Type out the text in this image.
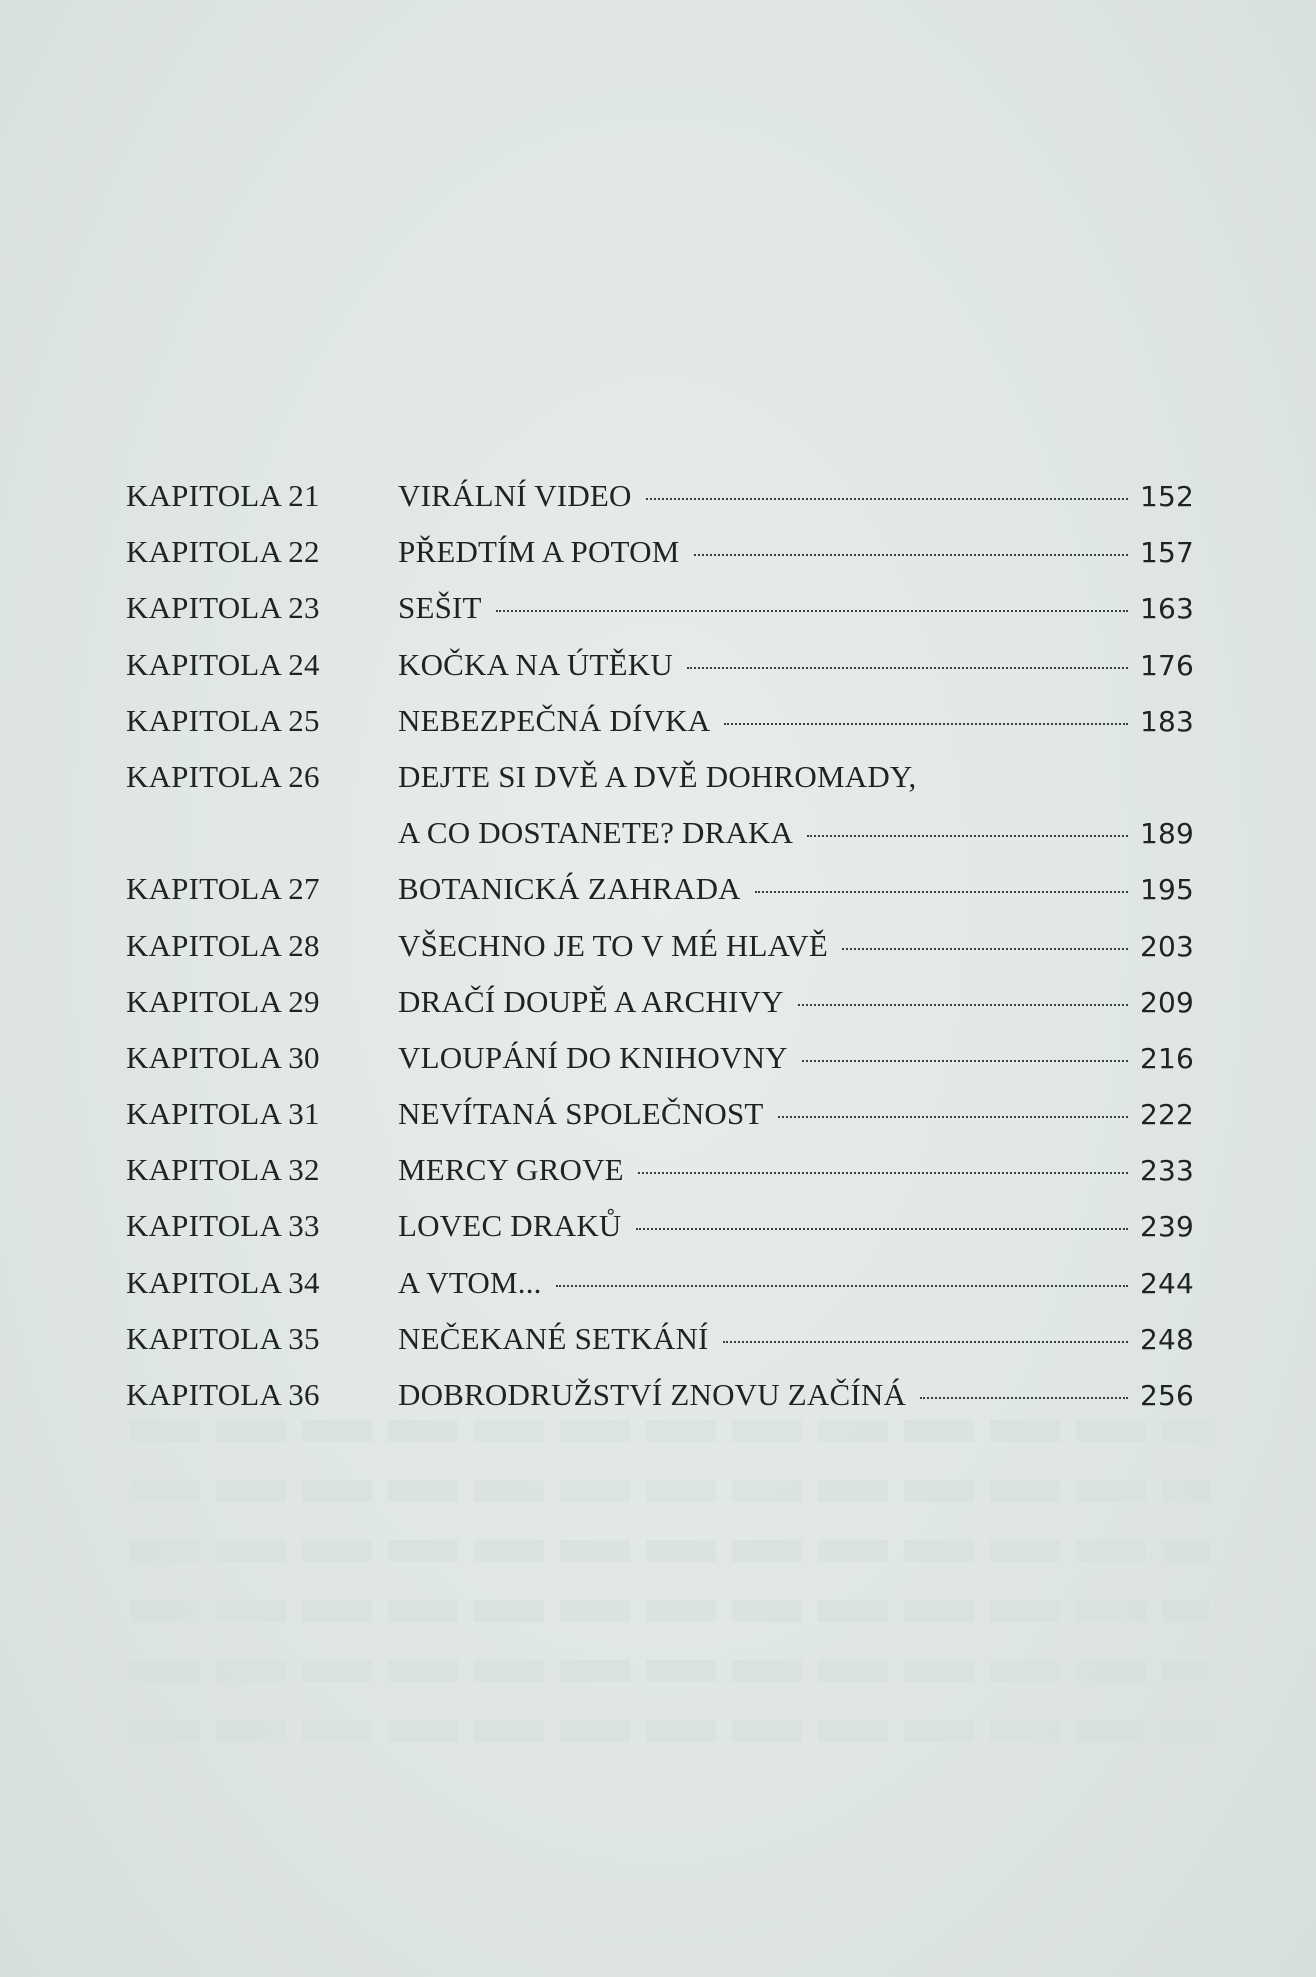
KAPITOLA 21	VIRÁLNÍ VIDEO	152
KAPITOLA 22	PŘEDTÍM A POTOM	157
KAPITOLA 23	SEŠIT	163
KAPITOLA 24	KOČKA NA ÚTĚKU	176
KAPITOLA 25	NEBEZPEČNÁ DÍVKA	183
KAPITOLA 26	DEJTE SI DVĚ A DVĚ DOHROMADY,
A CO DOSTANETE? DRAKA	189
KAPITOLA 27	BOTANICKÁ ZAHRADA	195
KAPITOLA 28	VŠECHNO JE TO V MÉ HLAVĚ	203
KAPITOLA 29	DRAČÍ DOUPĚ A ARCHIVY	209
KAPITOLA 30	VLOUPÁNÍ DO KNIHOVNY	216
KAPITOLA 31	NEVÍTANÁ SPOLEČNOST	222
KAPITOLA 32	MERCY GROVE	233
KAPITOLA 33	LOVEC DRAKŮ	239
KAPITOLA 34	A VTOM...	244
KAPITOLA 35	NEČEKANÉ SETKÁNÍ	248
KAPITOLA 36	DOBRODRUŽSTVÍ ZNOVU ZAČÍNÁ	256
